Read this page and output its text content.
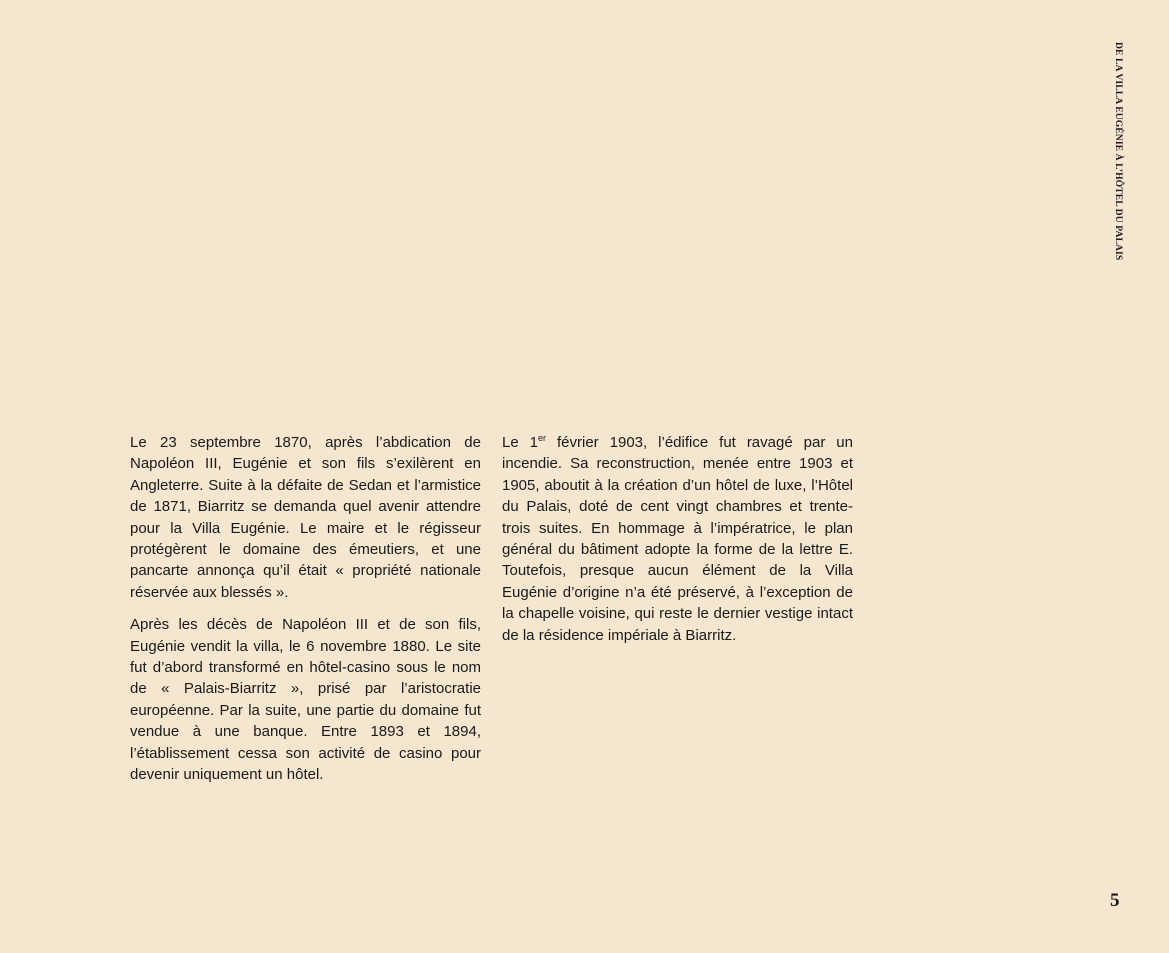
DE LA VILLA EUGÉNIE À L’HÔTEL DU PALAIS

Le 23 septembre 1870, après l’abdication de Napoléon III, Eugénie et son fils s’exilèrent en Angleterre. Suite à la défaite de Sedan et l’armistice de 1871, Biarritz se demanda quel avenir attendre pour la Villa Eugénie. Le maire et le régisseur protégèrent le domaine des émeutiers, et une pancarte annonça qu’il était « propriété nationale réservée aux blessés ».

Après les décès de Napoléon III et de son fils, Eugénie vendit la villa, le 6 novembre 1880. Le site fut d’abord transformé en hôtel-casino sous le nom de « Palais-Biarritz », prisé par l’aristocratie européenne. Par la suite, une partie du domaine fut vendue à une banque. Entre 1893 et 1894, l’établissement cessa son activité de casino pour devenir uniquement un hôtel.

Le 1er février 1903, l’édifice fut ravagé par un incendie. Sa reconstruction, menée entre 1903 et 1905, aboutit à la création d’un hôtel de luxe, l’Hôtel du Palais, doté de cent vingt chambres et trente-trois suites. En hommage à l’impératrice, le plan général du bâtiment adopte la forme de la lettre E. Toutefois, presque aucun élément de la Villa Eugénie d’origine n’a été préservé, à l’exception de la chapelle voisine, qui reste le dernier vestige intact de la résidence impériale à Biarritz.

5
